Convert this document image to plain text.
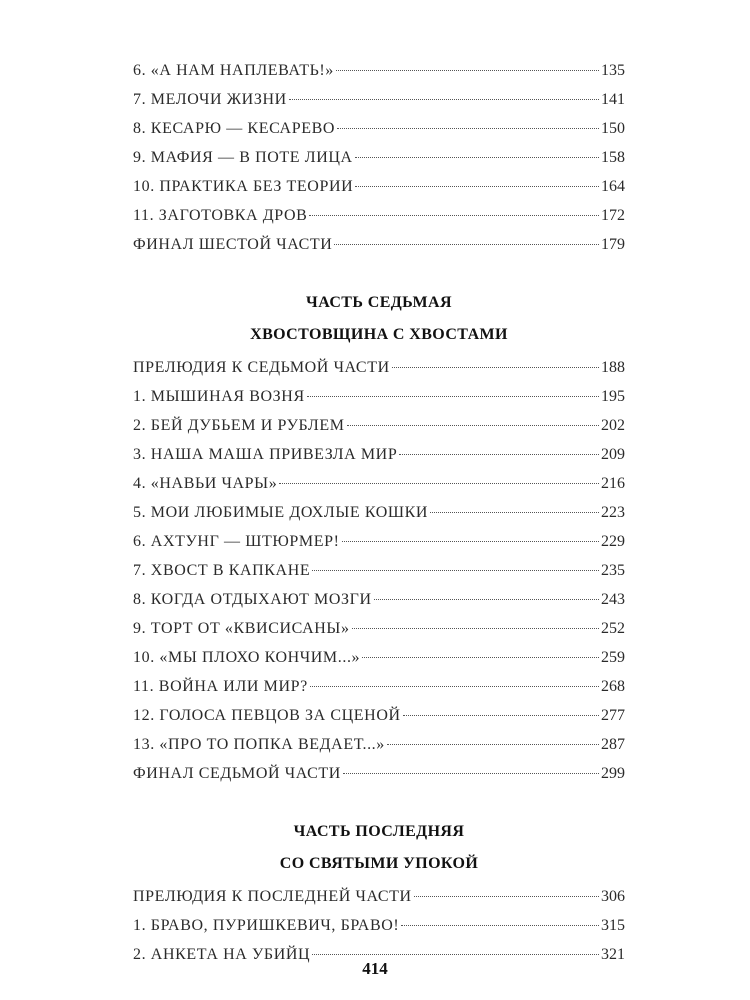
6. «А НАМ НАПЛЕВАТЬ!»	135
7. МЕЛОЧИ ЖИЗНИ	141
8. КЕСАРЮ — КЕСАРЕВО	150
9. МАФИЯ — В ПОТЕ ЛИЦА	158
10. ПРАКТИКА БЕЗ ТЕОРИИ	164
11. ЗАГОТОВКА ДРОВ	172
ФИНАЛ ШЕСТОЙ ЧАСТИ	179
ЧАСТЬ СЕДЬМАЯ
ХВОСТОВЩИНА С ХВОСТАМИ
ПРЕЛЮДИЯ К СЕДЬМОЙ ЧАСТИ	188
1. МЫШИНАЯ ВОЗНЯ	195
2. БЕЙ ДУБЬЕМ И РУБЛЕМ	202
3. НАША МАША ПРИВЕЗЛА МИР	209
4. «НАВЬИ ЧАРЫ»	216
5. МОИ ЛЮБИМЫЕ ДОХЛЫЕ КОШКИ	223
6. АХТУНГ — ШТЮРМЕР!	229
7. ХВОСТ В КАПКАНЕ	235
8. КОГДА ОТДЫХАЮТ МОЗГИ	243
9. ТОРТ ОТ «КВИСИСАНЫ»	252
10. «МЫ ПЛОХО КОНЧИМ...»	259
11. ВОЙНА ИЛИ МИР?	268
12. ГОЛОСА ПЕВЦОВ ЗА СЦЕНОЙ	277
13. «ПРО ТО ПОПКА ВЕДАЕТ...»	287
ФИНАЛ СЕДЬМОЙ ЧАСТИ	299
ЧАСТЬ ПОСЛЕДНЯЯ
СО СВЯТЫМИ УПОКОЙ
ПРЕЛЮДИЯ К ПОСЛЕДНЕЙ ЧАСТИ	306
1. БРАВО, ПУРИШКЕВИЧ, БРАВО!	315
2. АНКЕТА НА УБИЙЦ	321
414
